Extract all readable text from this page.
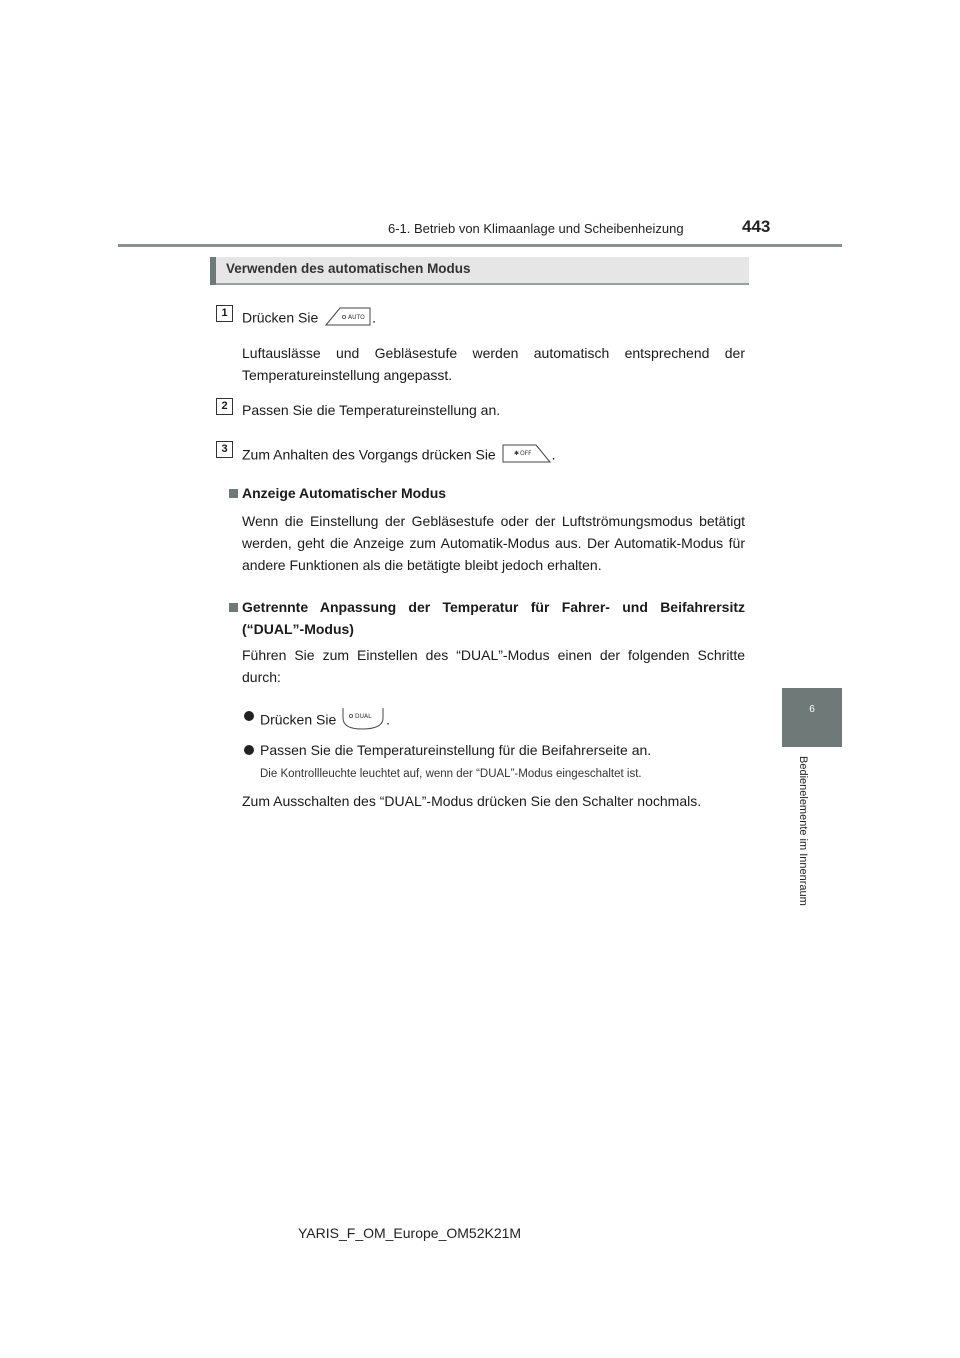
6-1. Betrieb von Klimaanlage und Scheibenheizung	443
6
Bedienelemente im Innenraum
Verwenden des automatischen Modus
1	Drücken Sie	AUTO .
Luftauslässe und Gebläsestufe werden automatisch entsprechend der Temperatureinstellung angepasst.
2	Passen Sie die Temperatureinstellung an.
3	Zum Anhalten des Vorgangs drücken Sie	✱ OFF .
Anzeige Automatischer Modus
Wenn die Einstellung der Gebläsestufe oder der Luftströmungsmodus betätigt werden, geht die Anzeige zum Automatik-Modus aus. Der Automatik-Modus für andere Funktionen als die betätigte bleibt jedoch erhalten.
Getrennte Anpassung der Temperatur für Fahrer- und Beifahrersitz (“DUAL”-Modus)
Führen Sie zum Einstellen des “DUAL”-Modus einen der folgenden Schritte durch:
Drücken Sie	DUAL .
Passen Sie die Temperatureinstellung für die Beifahrerseite an.
Die Kontrollleuchte leuchtet auf, wenn der “DUAL”-Modus eingeschaltet ist.
Zum Ausschalten des “DUAL”-Modus drücken Sie den Schalter nochmals.
YARIS_F_OM_Europe_OM52K21M
